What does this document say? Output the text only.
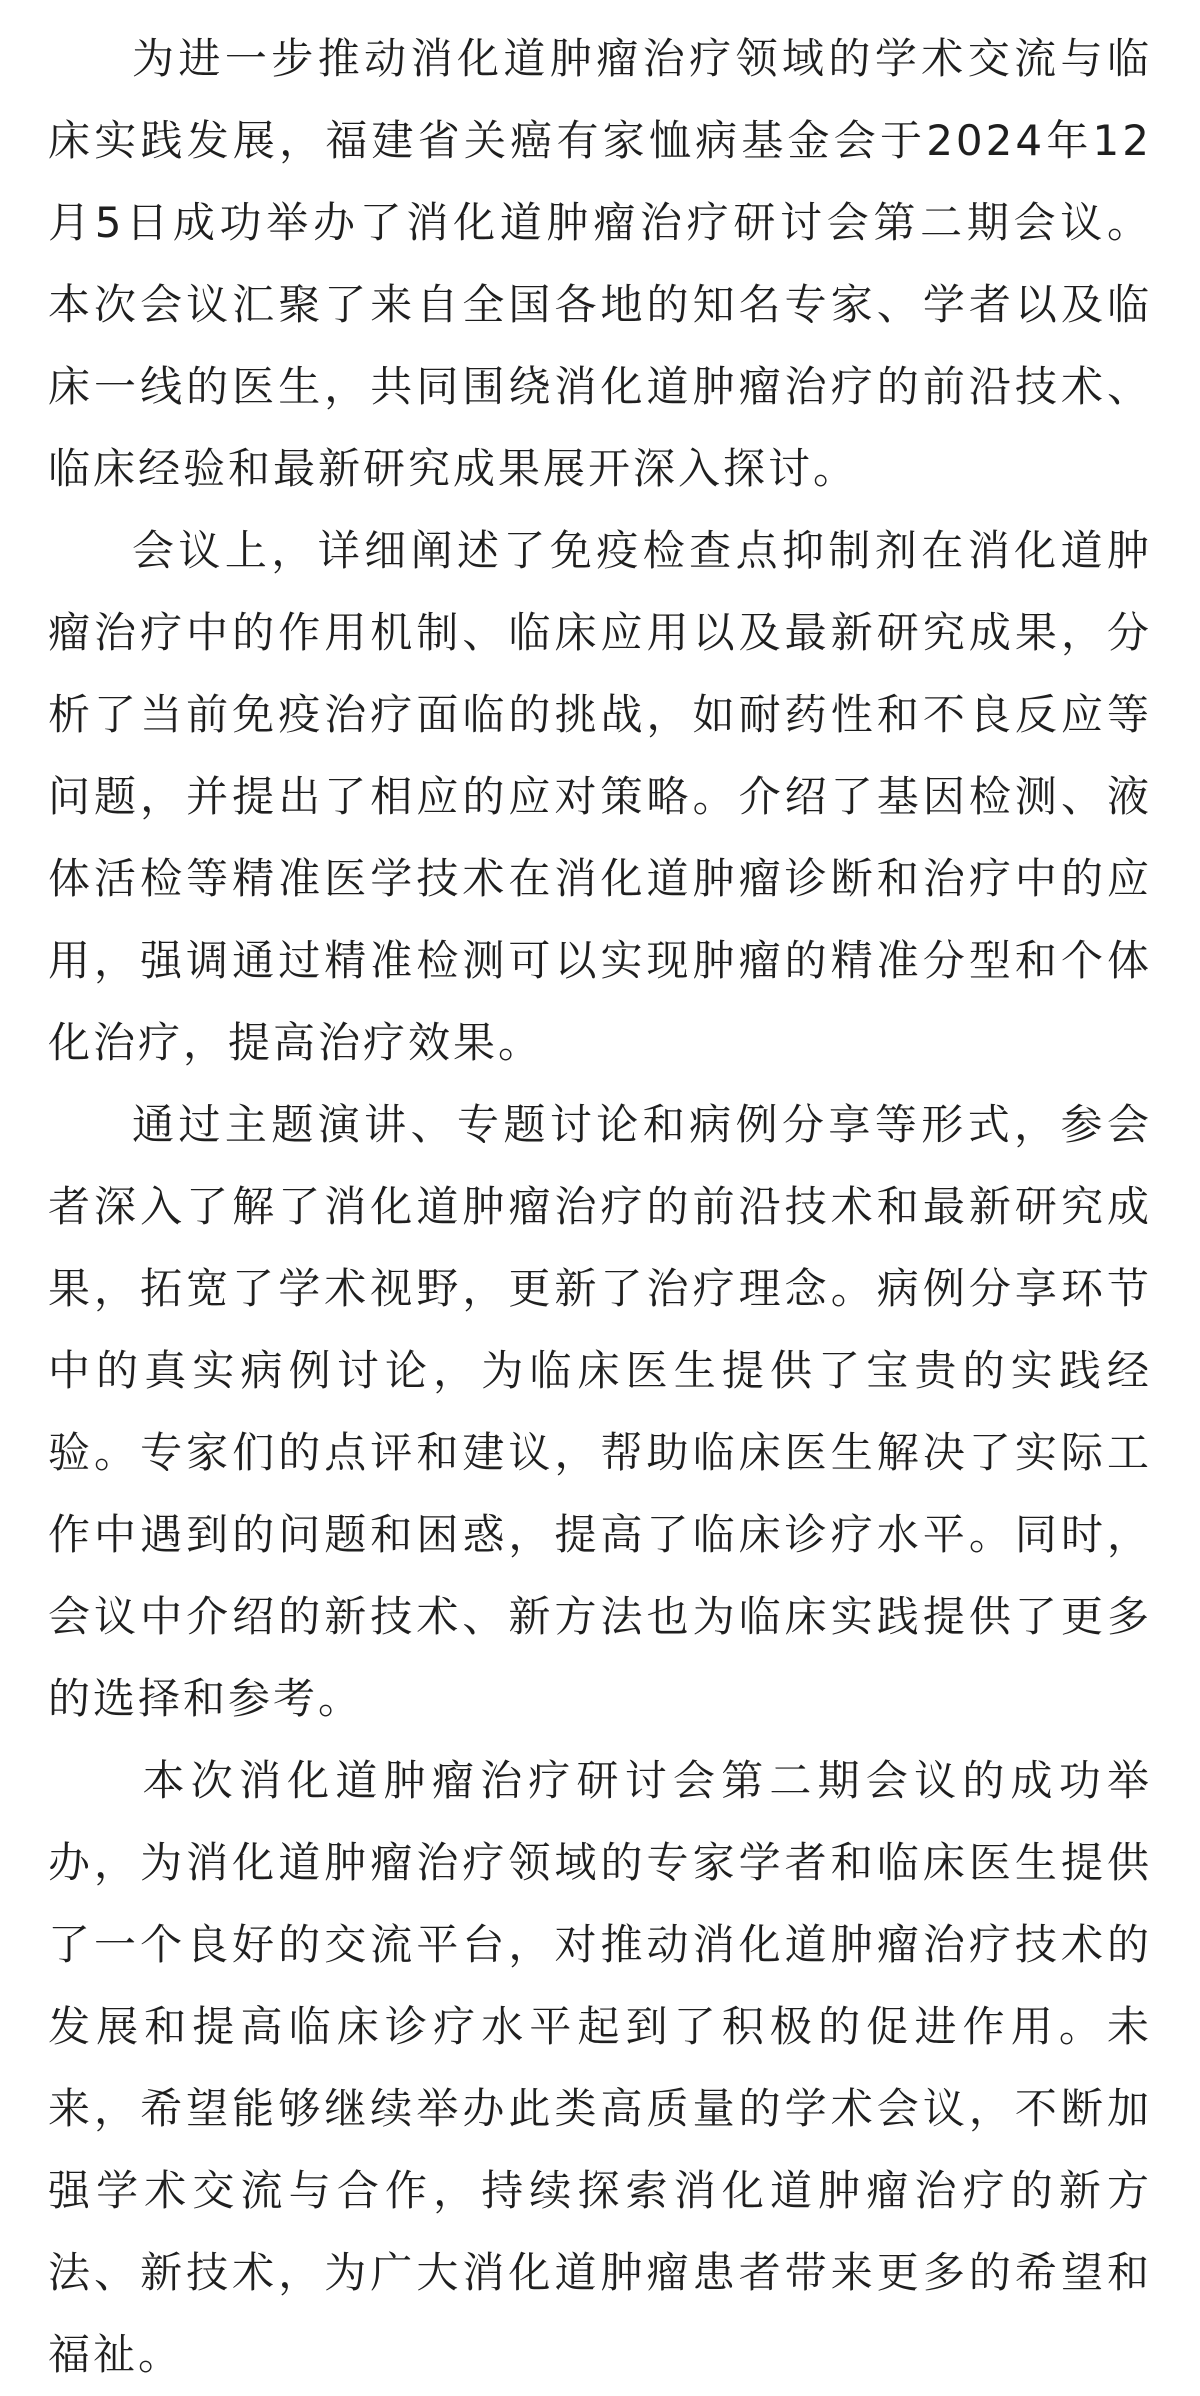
为进一步推动消化道肿瘤治疗领域的学术交流与临床实践发展，福建省关癌有家恤病基金会于2024年12月5日成功举办了消化道肿瘤治疗研讨会第二期会议。本次会议汇聚了来自全国各地的知名专家、学者以及临床一线的医生，共同围绕消化道肿瘤治疗的前沿技术、临床经验和最新研究成果展开深入探讨。

会议上，详细阐述了免疫检查点抑制剂在消化道肿瘤治疗中的作用机制、临床应用以及最新研究成果，分析了当前免疫治疗面临的挑战，如耐药性和不良反应等问题，并提出了相应的应对策略。介绍了基因检测、液体活检等精准医学技术在消化道肿瘤诊断和治疗中的应用，强调通过精准检测可以实现肿瘤的精准分型和个体化治疗，提高治疗效果。

通过主题演讲、专题讨论和病例分享等形式，参会者深入了解了消化道肿瘤治疗的前沿技术和最新研究成果，拓宽了学术视野，更新了治疗理念。病例分享环节中的真实病例讨论，为临床医生提供了宝贵的实践经验。专家们的点评和建议，帮助临床医生解决了实际工作中遇到的问题和困惑，提高了临床诊疗水平。同时，会议中介绍的新技术、新方法也为临床实践提供了更多的选择和参考。

本次消化道肿瘤治疗研讨会第二期会议的成功举办，为消化道肿瘤治疗领域的专家学者和临床医生提供了一个良好的交流平台，对推动消化道肿瘤治疗技术的发展和提高临床诊疗水平起到了积极的促进作用。未来，希望能够继续举办此类高质量的学术会议，不断加强学术交流与合作，持续探索消化道肿瘤治疗的新方法、新技术，为广大消化道肿瘤患者带来更多的希望和福祉。
